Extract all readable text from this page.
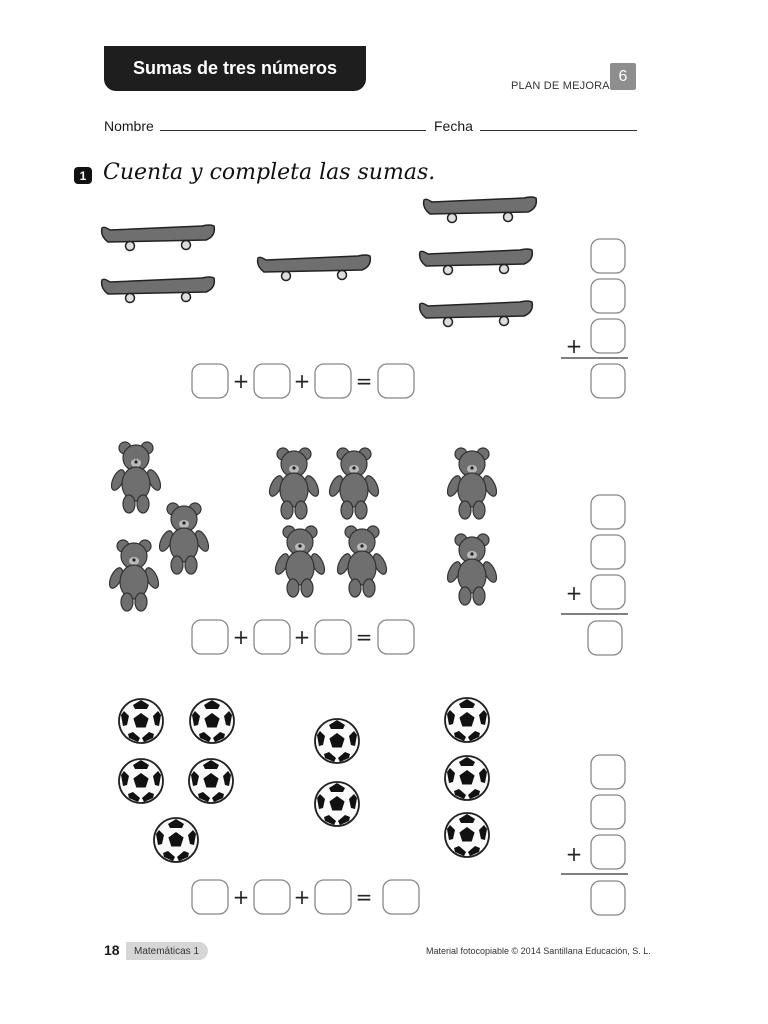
Sumas de tres números
PLAN DE MEJORA
6
Nombre	Fecha
1 Cuenta y completa las sumas.
+ + =
+ + =
+ + =
+
+
+
18	Matemáticas 1	Material fotocopiable © 2014 Santillana Educación, S. L.
